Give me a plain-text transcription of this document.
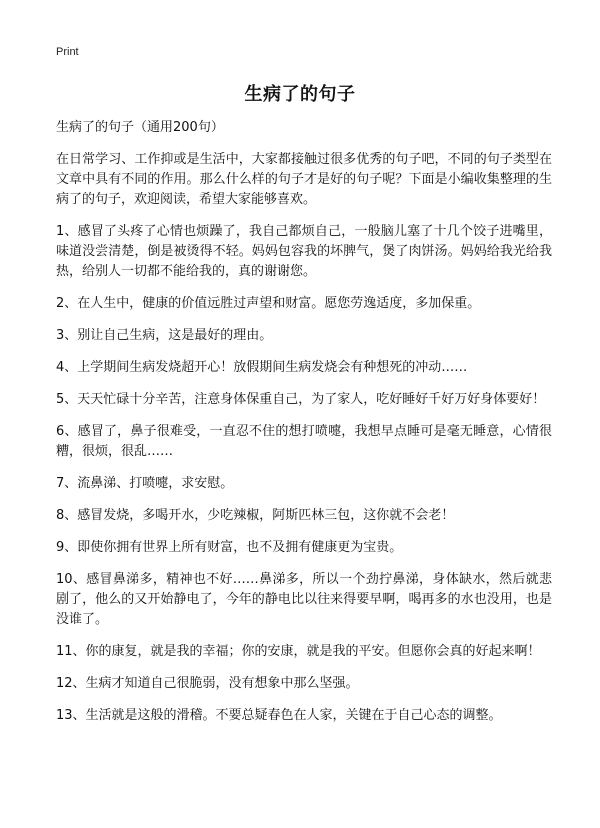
Print
生病了的句子

生病了的句子（通用200句）

在日常学习、工作抑或是生活中，大家都接触过很多优秀的句子吧，不同的句子类型在文章中具有不同的作用。那么什么样的句子才是好的句子呢？下面是小编收集整理的生病了的句子，欢迎阅读，希望大家能够喜欢。

1、感冒了头疼了心情也烦躁了，我自己都烦自己，一般脑儿塞了十几个饺子进嘴里，味道没尝清楚，倒是被烫得不轻。妈妈包容我的坏脾气，煲了肉饼汤。妈妈给我光给我热，给别人一切都不能给我的，真的谢谢您。

2、在人生中，健康的价值远胜过声望和财富。愿您劳逸适度，多加保重。

3、别让自己生病，这是最好的理由。

4、上学期间生病发烧超开心！放假期间生病发烧会有种想死的冲动……

5、天天忙碌十分辛苦，注意身体保重自己，为了家人，吃好睡好千好万好身体要好！

6、感冒了，鼻子很难受，一直忍不住的想打喷嚏，我想早点睡可是毫无睡意，心情很糟，很烦，很乱……

7、流鼻涕、打喷嚏，求安慰。

8、感冒发烧，多喝开水，少吃辣椒，阿斯匹林三包，这你就不会老！

9、即使你拥有世界上所有财富，也不及拥有健康更为宝贵。

10、感冒鼻涕多，精神也不好……鼻涕多，所以一个劲拧鼻涕，身体缺水，然后就悲剧了，他么的又开始静电了，今年的静电比以往来得要早啊，喝再多的水也没用，也是没谁了。

11、你的康复，就是我的幸福；你的安康，就是我的平安。但愿你会真的好起来啊！

12、生病才知道自己很脆弱，没有想象中那么坚强。

13、生活就是这般的滑稽。不要总疑春色在人家，关键在于自己心态的调整。
